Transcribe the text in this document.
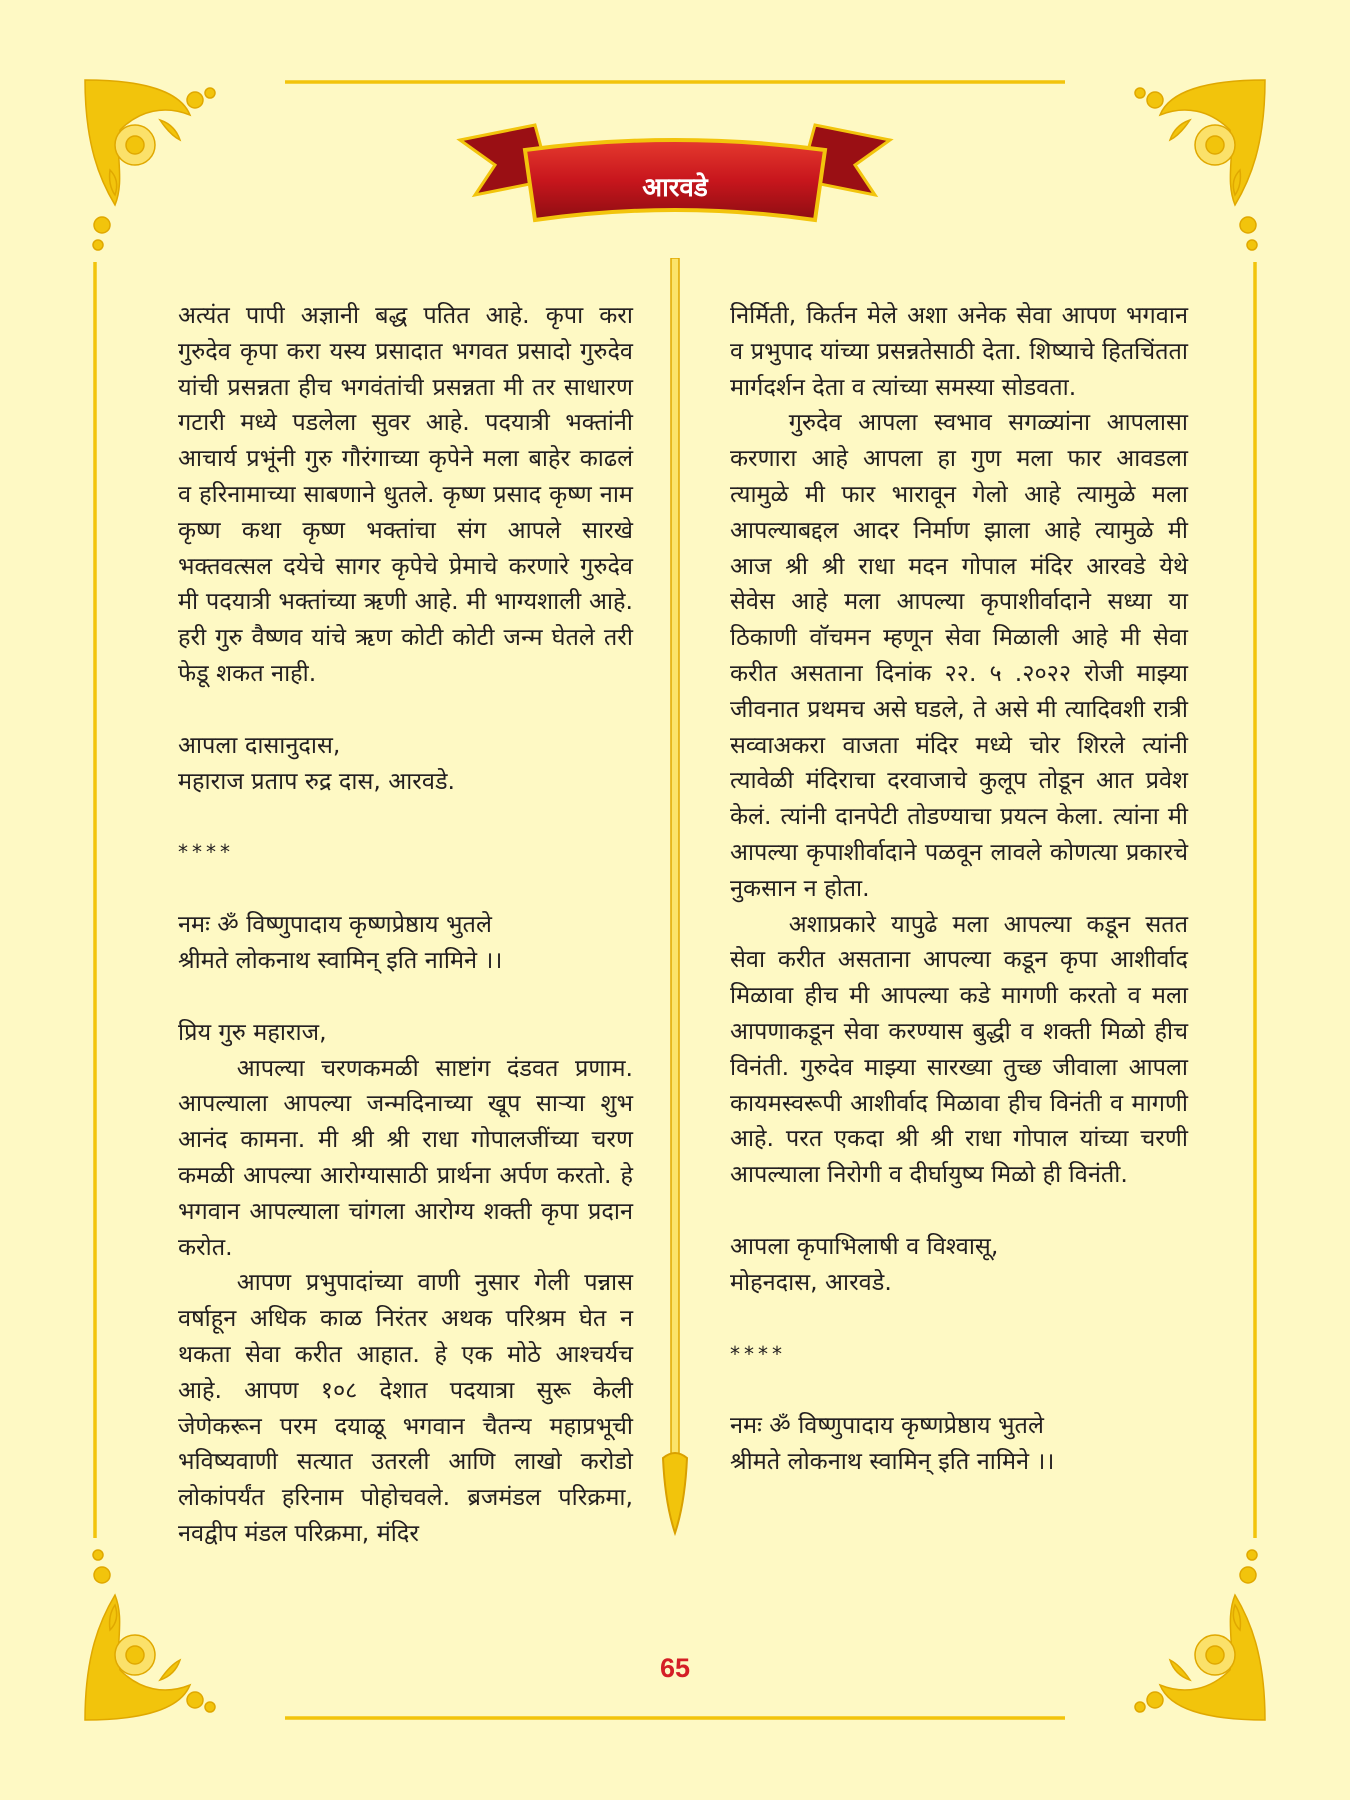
आरवडे

अत्यंत पापी अज्ञानी बद्ध पतित आहे. कृपा करा गुरुदेव कृपा करा यस्य प्रसादात भगवत प्रसादो गुरुदेव यांची प्रसन्नता हीच भगवंतांची प्रसन्नता मी तर साधारण गटारी मध्ये पडलेला सुवर आहे. पदयात्री भक्तांनी आचार्य प्रभूंनी गुरु गौरंगाच्या कृपेने मला बाहेर काढलं व हरिनामाच्या साबणाने धुतले. कृष्ण प्रसाद कृष्ण नाम कृष्ण कथा कृष्ण भक्तांचा संग आपले सारखे भक्तवत्सल दयेचे सागर कृपेचे प्रेमाचे करणारे गुरुदेव मी पदयात्री भक्तांच्या ऋणी आहे. मी भाग्यशाली आहे. हरी गुरु वैष्णव यांचे ऋण कोटी कोटी जन्म घेतले तरी फेडू शकत नाही.

आपला दासानुदास,

महाराज प्रताप रुद्र दास, आरवडे.

****

नमः ॐ विष्णुपादाय कृष्णप्रेष्ठाय भुतले

श्रीमते लोकनाथ स्वामिन् इति नामिने ।।

प्रिय गुरु महाराज,

आपल्या चरणकमळी साष्टांग दंडवत प्रणाम. आपल्याला आपल्या जन्मदिनाच्या खूप साऱ्या शुभ आनंद कामना. मी श्री श्री राधा गोपालजींच्या चरण कमळी आपल्या आरोग्यासाठी प्रार्थना अर्पण करतो. हे भगवान आपल्याला चांगला आरोग्य शक्ती कृपा प्रदान करोत.

आपण प्रभुपादांच्या वाणी नुसार गेली पन्नास वर्षाहून अधिक काळ निरंतर अथक परिश्रम घेत न थकता सेवा करीत आहात. हे एक मोठे आश्चर्यच आहे. आपण १०८ देशात पदयात्रा सुरू केली जेणेकरून परम दयाळू भगवान चैतन्य महाप्रभूची भविष्यवाणी सत्यात उतरली आणि लाखो करोडो लोकांपर्यंत हरिनाम पोहोचवले. ब्रजमंडल परिक्रमा, नवद्वीप मंडल परिक्रमा, मंदिर

निर्मिती, किर्तन मेले अशा अनेक सेवा आपण भगवान व प्रभुपाद यांच्या प्रसन्नतेसाठी देता. शिष्याचे हितचिंतता मार्गदर्शन देता व त्यांच्या समस्या सोडवता.

गुरुदेव आपला स्वभाव सगळ्यांना आपलासा करणारा आहे आपला हा गुण मला फार आवडला त्यामुळे मी फार भारावून गेलो आहे त्यामुळे मला आपल्याबद्दल आदर निर्माण झाला आहे त्यामुळे मी आज श्री श्री राधा मदन गोपाल मंदिर आरवडे येथे सेवेस आहे मला आपल्या कृपाशीर्वादाने सध्या या ठिकाणी वॉचमन म्हणून सेवा मिळाली आहे मी सेवा करीत असताना दिनांक २२. ५ .२०२२ रोजी माझ्या जीवनात प्रथमच असे घडले, ते असे मी त्यादिवशी रात्री सव्वाअकरा वाजता मंदिर मध्ये चोर शिरले त्यांनी त्यावेळी मंदिराचा दरवाजाचे कुलूप तोडून आत प्रवेश केलं. त्यांनी दानपेटी तोडण्याचा प्रयत्न केला. त्यांना मी आपल्या कृपाशीर्वादाने पळवून लावले कोणत्या प्रकारचे नुकसान न होता.

अशाप्रकारे यापुढे मला आपल्या कडून सतत सेवा करीत असताना आपल्या कडून कृपा आशीर्वाद मिळावा हीच मी आपल्या कडे मागणी करतो व मला आपणाकडून सेवा करण्यास बुद्धी व शक्ती मिळो हीच विनंती. गुरुदेव माझ्या सारख्या तुच्छ जीवाला आपला कायमस्वरूपी आशीर्वाद मिळावा हीच विनंती व मागणी आहे. परत एकदा श्री श्री राधा गोपाल यांच्या चरणी आपल्याला निरोगी व दीर्घायुष्य मिळो ही विनंती.

आपला कृपाभिलाषी व विश्वासू,

मोहनदास, आरवडे.

****

नमः ॐ विष्णुपादाय कृष्णप्रेष्ठाय भुतले

श्रीमते लोकनाथ स्वामिन् इति नामिने ।।

65
